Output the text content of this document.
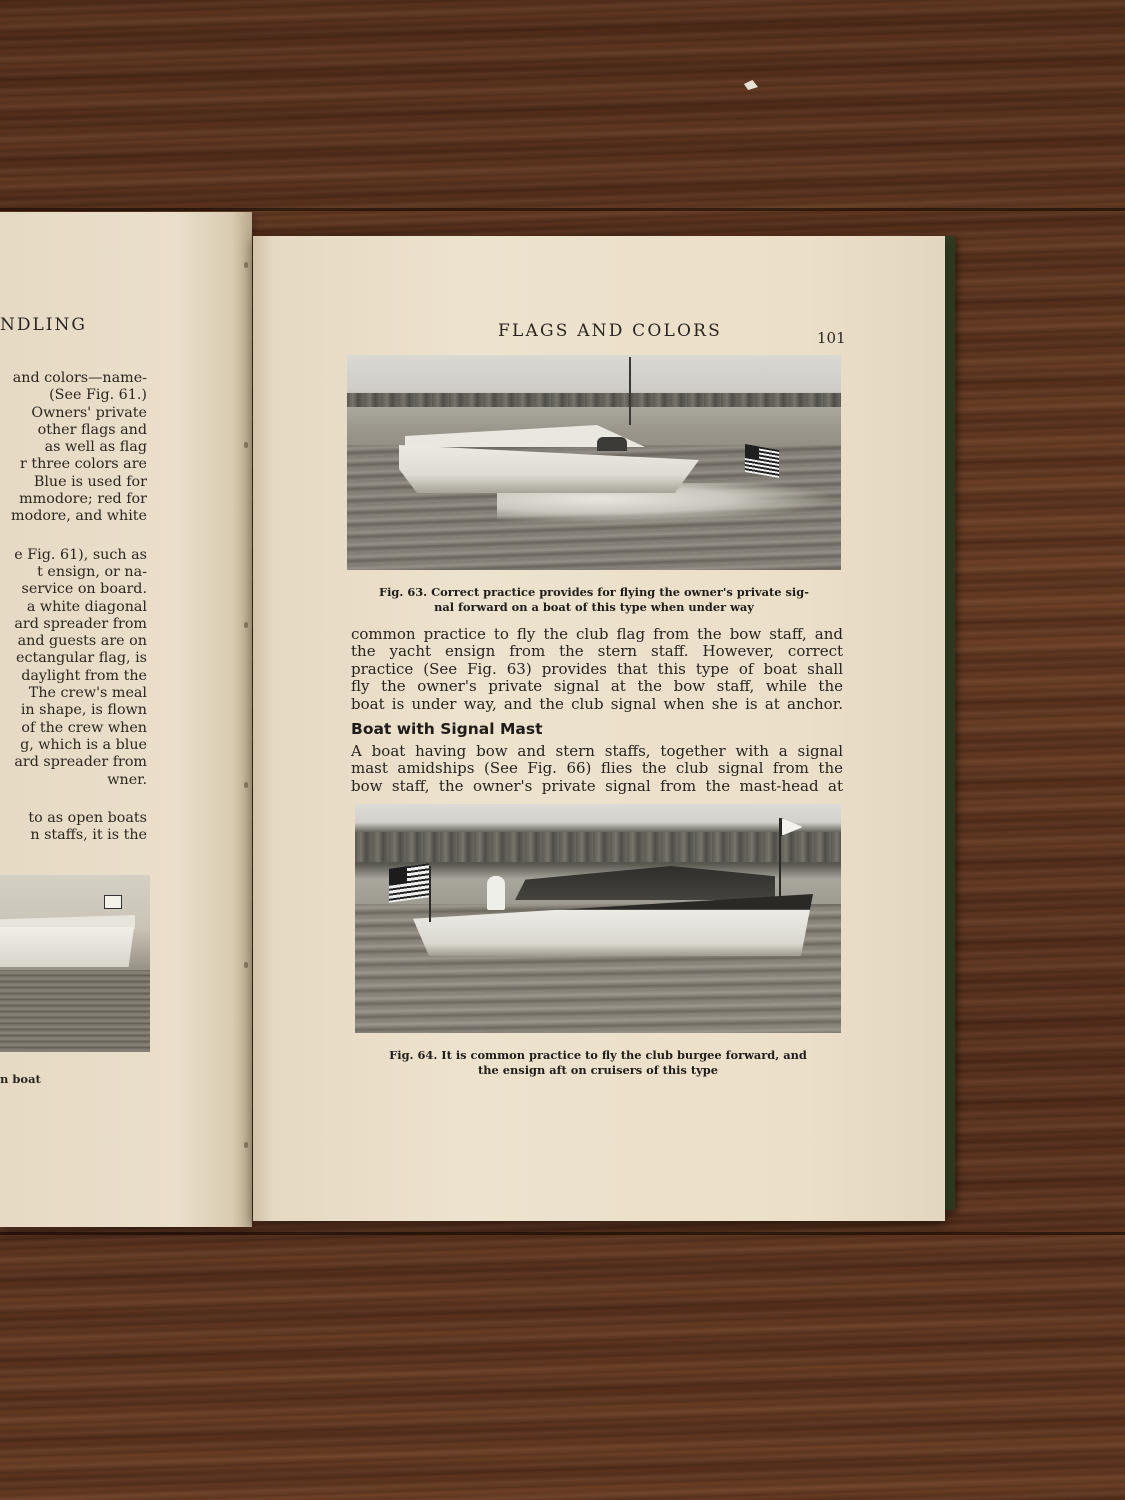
NDLING
and colors—name-
(See Fig. 61.)
Owners' private
other flags and
as well as flag
r three colors are
Blue is used for
mmodore; red for
modore, and white
e Fig. 61), such as
t ensign, or na-
service on board.
a white diagonal
ard spreader from
and guests are on
ectangular flag, is
daylight from the
The crew's meal
in shape, is flown
of the crew when
g, which is a blue
ard spreader from
wner.
to as open boats
n staffs, it is the
n boat
FLAGS AND COLORS	101
Fig. 63. Correct practice provides for flying the owner's private sig-
nal forward on a boat of this type when under way
common practice to fly the club flag from the bow staff, and
the yacht ensign from the stern staff. However, correct
practice (See Fig. 63) provides that this type of boat shall
fly the owner's private signal at the bow staff, while the
boat is under way, and the club signal when she is at anchor.
Boat with Signal Mast
A boat having bow and stern staffs, together with a signal
mast amidships (See Fig. 66) flies the club signal from the
bow staff, the owner's private signal from the mast-head at
Fig. 64. It is common practice to fly the club burgee forward, and
the ensign aft on cruisers of this type
